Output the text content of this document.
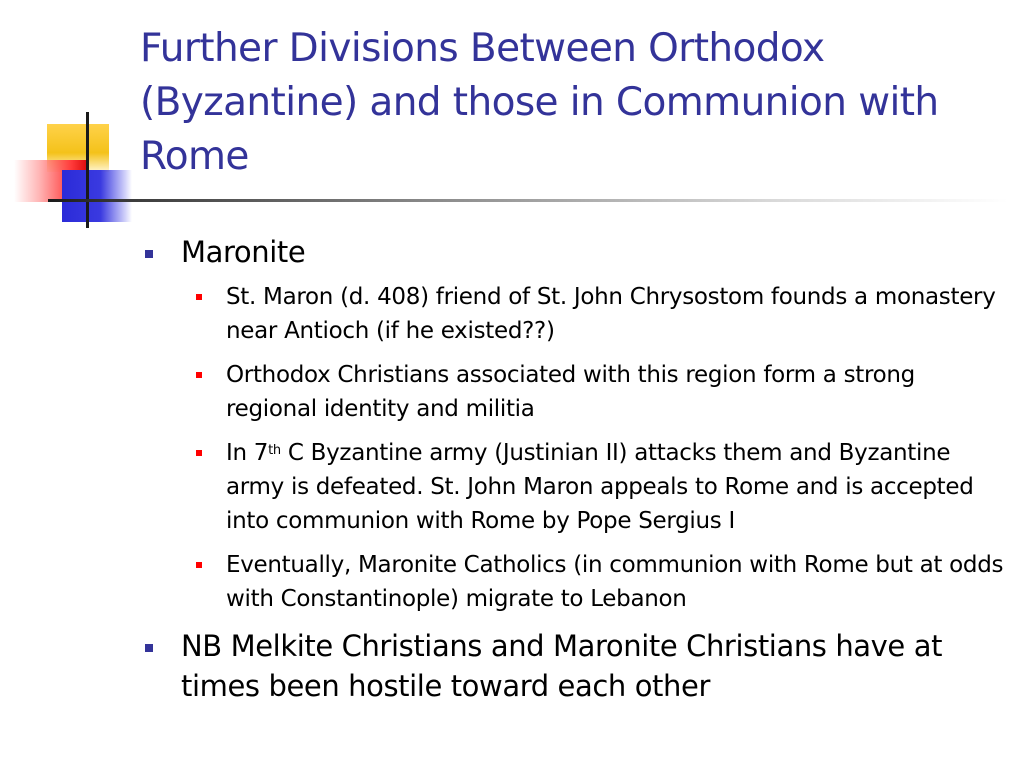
Further Divisions Between Orthodox (Byzantine) and those in Communion with Rome
Maronite
St. Maron (d. 408) friend of St. John Chrysostom founds a monastery near Antioch (if he existed??)
Orthodox Christians associated with this region form a strong regional identity and militia
In 7th C Byzantine army (Justinian II) attacks them and Byzantine army is defeated. St. John Maron appeals to Rome and is accepted into communion with Rome by Pope Sergius I
Eventually, Maronite Catholics (in communion with Rome but at odds with Constantinople) migrate to Lebanon
NB Melkite Christians and Maronite Christians have at times been hostile toward each other
